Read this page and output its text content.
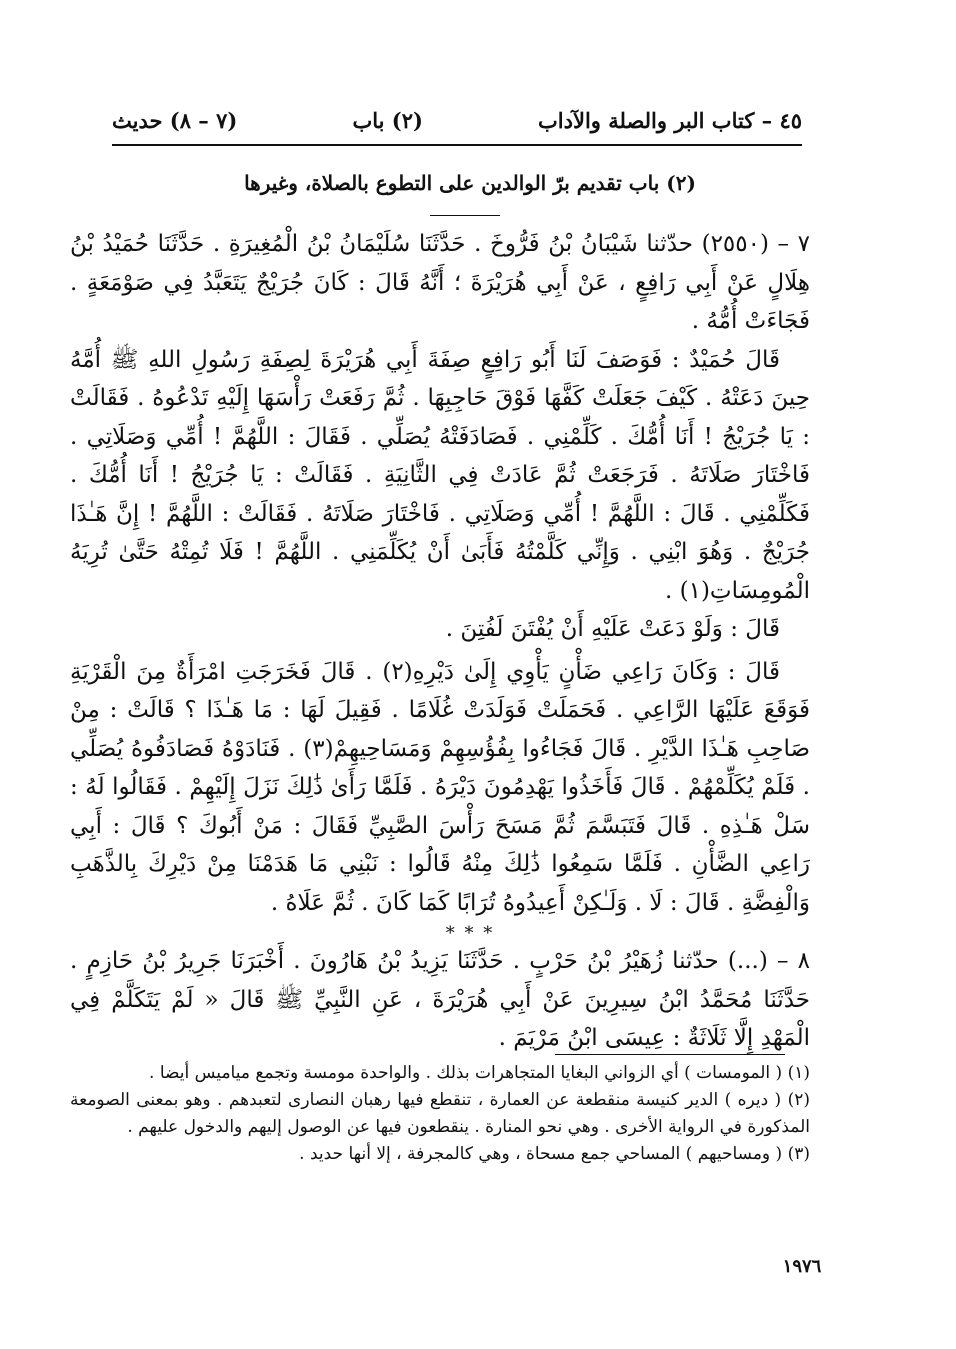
٤٥ – كتاب البر والصلة والآداب
(٢) باب
(٧ – ٨) حديث
(٢) باب تقديم برّ الوالدين على التطوع بالصلاة، وغيرها

٧ – (٢٥٥٠) حدّثنا شَيْبَانُ بْنُ فَرُّوخَ . حَدَّثَنَا سُلَيْمَانُ بْنُ الْمُغِيرَةِ . حَدَّثَنَا حُمَيْدُ بْنُ هِلَالٍ عَنْ أَبِي رَافِعٍ ، عَنْ أَبِي هُرَيْرَةَ ؛ أَنَّهُ قَالَ : كَانَ جُرَيْجٌ يَتَعَبَّدُ فِي صَوْمَعَةٍ . فَجَاءَتْ أُمُّهُ .

قَالَ حُمَيْدٌ : فَوَصَفَ لَنَا أَبُو رَافِعٍ صِفَةَ أَبِي هُرَيْرَةَ لِصِفَةِ رَسُولِ اللهِ ﷺ أُمَّهُ حِينَ دَعَتْهُ . كَيْفَ جَعَلَتْ كَفَّهَا فَوْقَ حَاجِبِهَا . ثُمَّ رَفَعَتْ رَأْسَهَا إِلَيْهِ تَدْعُوهُ . فَقَالَتْ : يَا جُرَيْجُ ! أَنَا أُمُّكَ . كَلِّمْنِي . فَصَادَفَتْهُ يُصَلِّي . فَقَالَ : اللَّهُمَّ ! أُمِّي وَصَلَاتِي . فَاخْتَارَ صَلَاتَهُ . فَرَجَعَتْ ثُمَّ عَادَتْ فِي الثَّانِيَةِ . فَقَالَتْ : يَا جُرَيْجُ ! أَنَا أُمُّكَ . فَكَلِّمْنِي . قَالَ : اللَّهُمَّ ! أُمِّي وَصَلَاتِي . فَاخْتَارَ صَلَاتَهُ . فَقَالَتْ : اللَّهُمَّ ! إِنَّ هَـٰذَا جُرَيْجٌ . وَهُوَ ابْنِي . وَإِنِّي كَلَّمْتُهُ فَأَبَىٰ أَنْ يُكَلِّمَنِي . اللَّهُمَّ ! فَلَا تُمِتْهُ حَتَّىٰ تُرِيَهُ الْمُومِسَاتِ(١) .

قَالَ : وَلَوْ دَعَتْ عَلَيْهِ أَنْ يُفْتَنَ لَفُتِنَ .

قَالَ : وَكَانَ رَاعِي ضَأْنٍ يَأْوِي إِلَىٰ دَيْرِهِ(٢) . قَالَ فَخَرَجَتِ امْرَأَةٌ مِنَ الْقَرْيَةِ فَوَقَعَ عَلَيْهَا الرَّاعِي . فَحَمَلَتْ فَوَلَدَتْ غُلَامًا . فَقِيلَ لَهَا : مَا هَـٰذَا ؟ قَالَتْ : مِنْ صَاحِبِ هَـٰذَا الدَّيْرِ . قَالَ فَجَاءُوا بِفُؤُسِهِمْ وَمَسَاحِيهِمْ(٣) . فَنَادَوْهُ فَصَادَفُوهُ يُصَلِّي . فَلَمْ يُكَلِّمْهُمْ . قَالَ فَأَخَذُوا يَهْدِمُونَ دَيْرَهُ . فَلَمَّا رَأَىٰ ذَٰلِكَ نَزَلَ إِلَيْهِمْ . فَقَالُوا لَهُ : سَلْ هَـٰذِهِ . قَالَ فَتَبَسَّمَ ثُمَّ مَسَحَ رَأْسَ الصَّبِيِّ فَقَالَ : مَنْ أَبُوكَ ؟ قَالَ : أَبِي رَاعِي الضَّأْنِ . فَلَمَّا سَمِعُوا ذَٰلِكَ مِنْهُ قَالُوا : نَبْنِي مَا هَدَمْنَا مِنْ دَيْرِكَ بِالذَّهَبِ وَالْفِضَّةِ . قَالَ : لَا . وَلَـٰكِنْ أَعِيدُوهُ تُرَابًا كَمَا كَانَ . ثُمَّ عَلَاهُ .

* * *

٨ – (...) حدّثنا زُهَيْرُ بْنُ حَرْبٍ . حَدَّثَنَا يَزِيدُ بْنُ هَارُونَ . أَخْبَرَنَا جَرِيرُ بْنُ حَازِمٍ . حَدَّثَنَا مُحَمَّدُ ابْنُ سِيرِينَ عَنْ أَبِي هُرَيْرَةَ ، عَنِ النَّبِيِّ ﷺ قَالَ « لَمْ يَتَكَلَّمْ فِي الْمَهْدِ إِلَّا ثَلَاثَةٌ : عِيسَى ابْنُ مَرْيَمَ .

(١) ( المومسات ) أي الزواني البغايا المتجاهرات بذلك . والواحدة مومسة وتجمع مياميس أيضا .

(٢) ( ديره ) الدير كنيسة منقطعة عن العمارة ، تنقطع فيها رهبان النصارى لتعبدهم . وهو بمعنى الصومعة المذكورة في الرواية الأخرى . وهي نحو المنارة . ينقطعون فيها عن الوصول إليهم والدخول عليهم .

(٣) ( ومساحيهم ) المساحي جمع مسحاة ، وهي كالمجرفة ، إلا أنها حديد .

١٩٧٦
